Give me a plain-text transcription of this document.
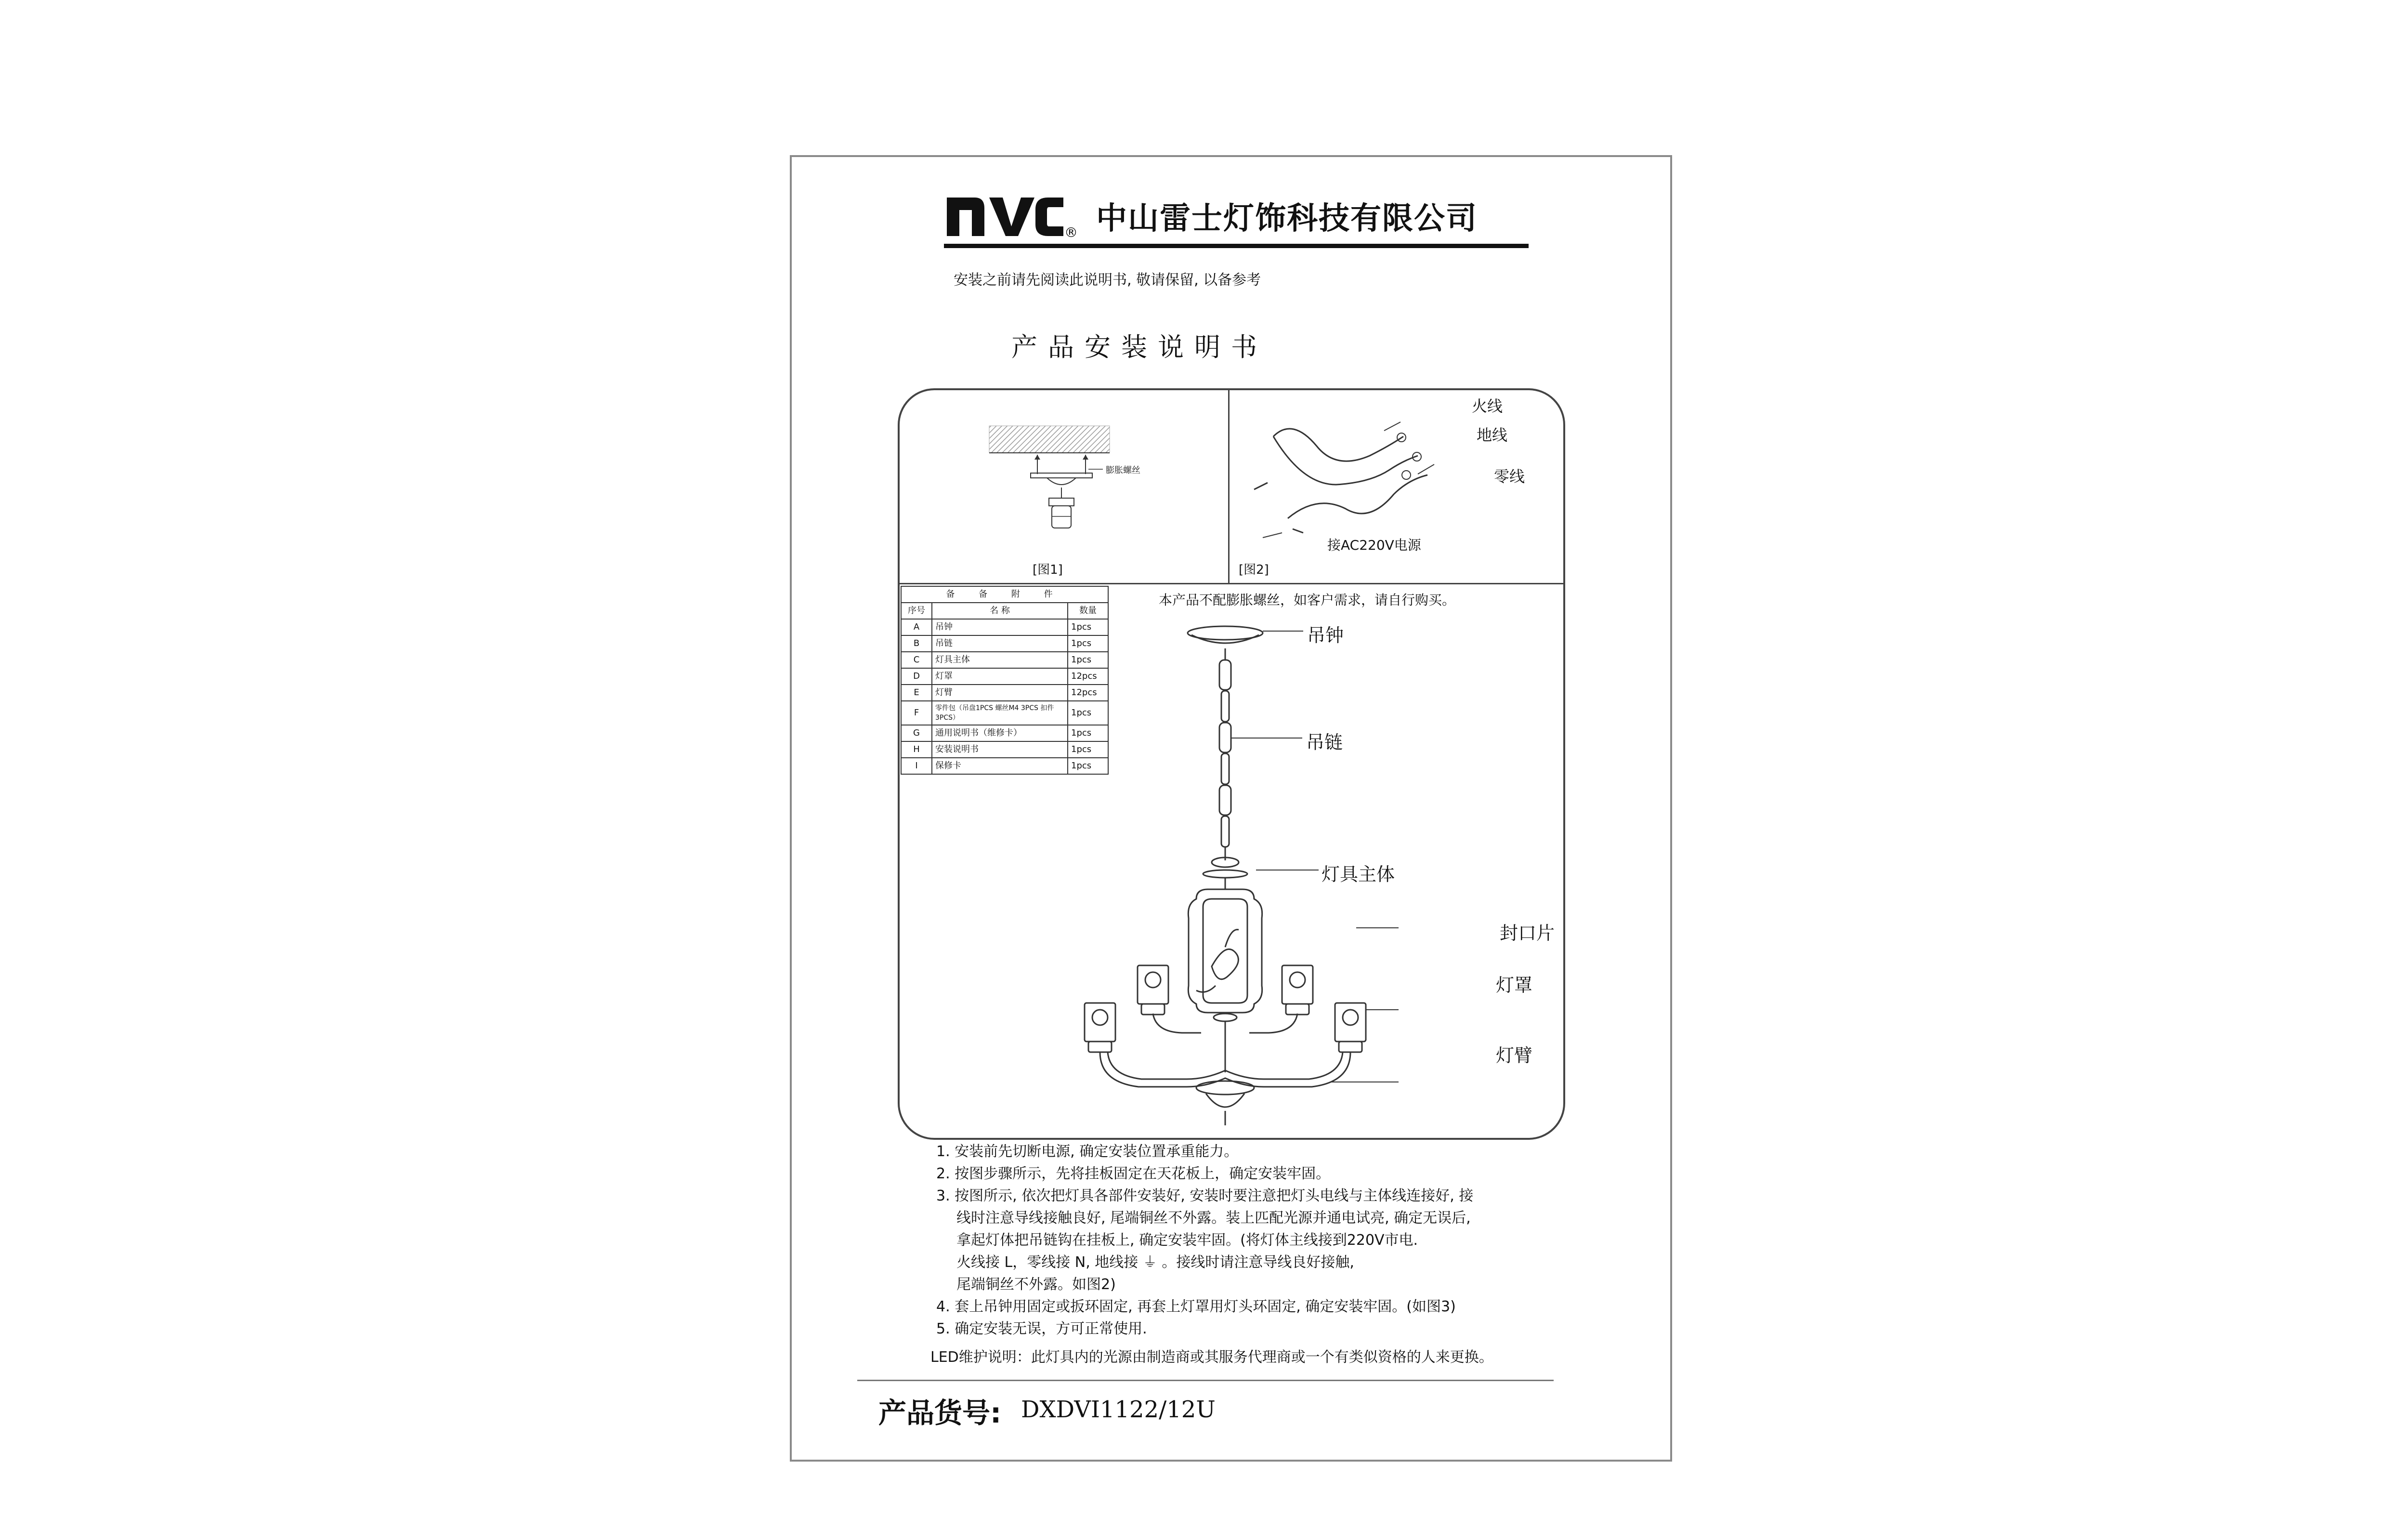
® 中山雷士灯饰科技有限公司
安装之前请先阅读此说明书, 敬请保留, 以备参考
产品安装说明书
膨胀螺丝
[图1]
火线
地线
零线
接AC220V电源
[图2]
本产品不配膨胀螺丝，如客户需求，请自行购买。
备 备 附 件		
序号	名 称	数量
A	吊钟	1pcs
B	吊链	1pcs
C	灯具主体	1pcs
D	灯罩	12pcs
E	灯臂	12pcs
F	零件包（吊盘1PCS 螺丝M4 3PCS 扣件3PCS）	1pcs
G	通用说明书（维修卡）	1pcs
H	安装说明书	1pcs
I	保修卡	1pcs
吊钟
吊链
灯具主体
封口片
灯罩
灯臂
1. 安装前先切断电源, 确定安装位置承重能力。
2. 按图步骤所示，先将挂板固定在天花板上，确定安装牢固。
3. 按图所示, 依次把灯具各部件安装好, 安装时要注意把灯头电线与主体线连接好, 接
线时注意导线接触良好, 尾端铜丝不外露。装上匹配光源并通电试亮, 确定无误后,
拿起灯体把吊链钩在挂板上, 确定安装牢固。(将灯体主线接到220V市电.
火线接 L，零线接 N, 地线接 ⏚ 。接线时请注意导线良好接触,
尾端铜丝不外露。如图2)
4. 套上吊钟用固定或扳环固定, 再套上灯罩用灯头环固定, 确定安装牢固。(如图3)
5. 确定安装无误，方可正常使用.
LED维护说明：此灯具内的光源由制造商或其服务代理商或一个有类似资格的人来更换。
产品货号: DXDVI1122/12U
